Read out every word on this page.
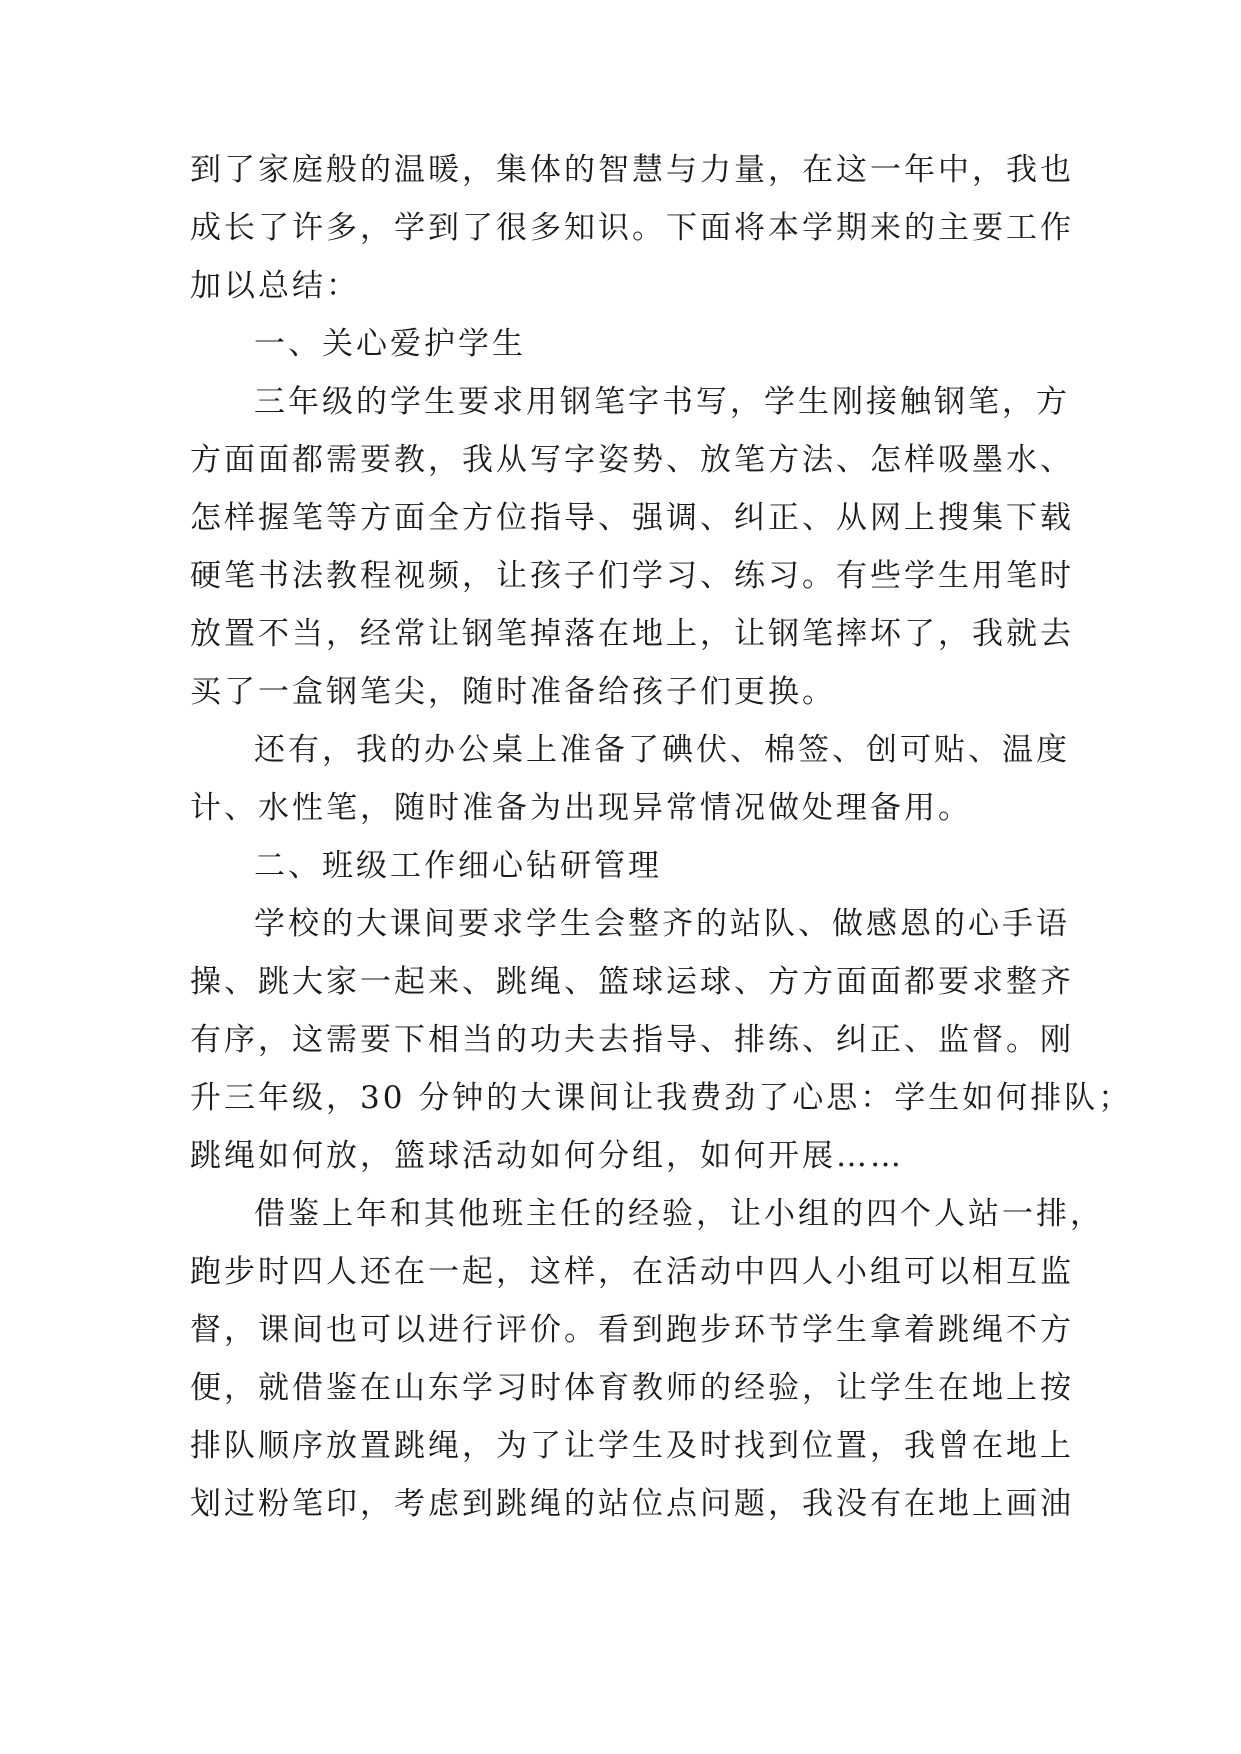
到了家庭般的温暖，集体的智慧与力量，在这一年中，我也
成长了许多，学到了很多知识。下面将本学期来的主要工作
加以总结：
一、关心爱护学生
三年级的学生要求用钢笔字书写，学生刚接触钢笔，方
方面面都需要教，我从写字姿势、放笔方法、怎样吸墨水、
怎样握笔等方面全方位指导、强调、纠正、从网上搜集下载
硬笔书法教程视频，让孩子们学习、练习。有些学生用笔时
放置不当，经常让钢笔掉落在地上，让钢笔摔坏了，我就去
买了一盒钢笔尖，随时准备给孩子们更换。
还有，我的办公桌上准备了碘伏、棉签、创可贴、温度
计、水性笔，随时准备为出现异常情况做处理备用。
二、班级工作细心钻研管理
学校的大课间要求学生会整齐的站队、做感恩的心手语
操、跳大家一起来、跳绳、篮球运球、方方面面都要求整齐
有序，这需要下相当的功夫去指导、排练、纠正、监督。刚
升三年级，30 分钟的大课间让我费劲了心思：学生如何排队；
跳绳如何放，篮球活动如何分组，如何开展……
借鉴上年和其他班主任的经验，让小组的四个人站一排，
跑步时四人还在一起，这样，在活动中四人小组可以相互监
督，课间也可以进行评价。看到跑步环节学生拿着跳绳不方
便，就借鉴在山东学习时体育教师的经验，让学生在地上按
排队顺序放置跳绳，为了让学生及时找到位置，我曾在地上
划过粉笔印，考虑到跳绳的站位点问题，我没有在地上画油
